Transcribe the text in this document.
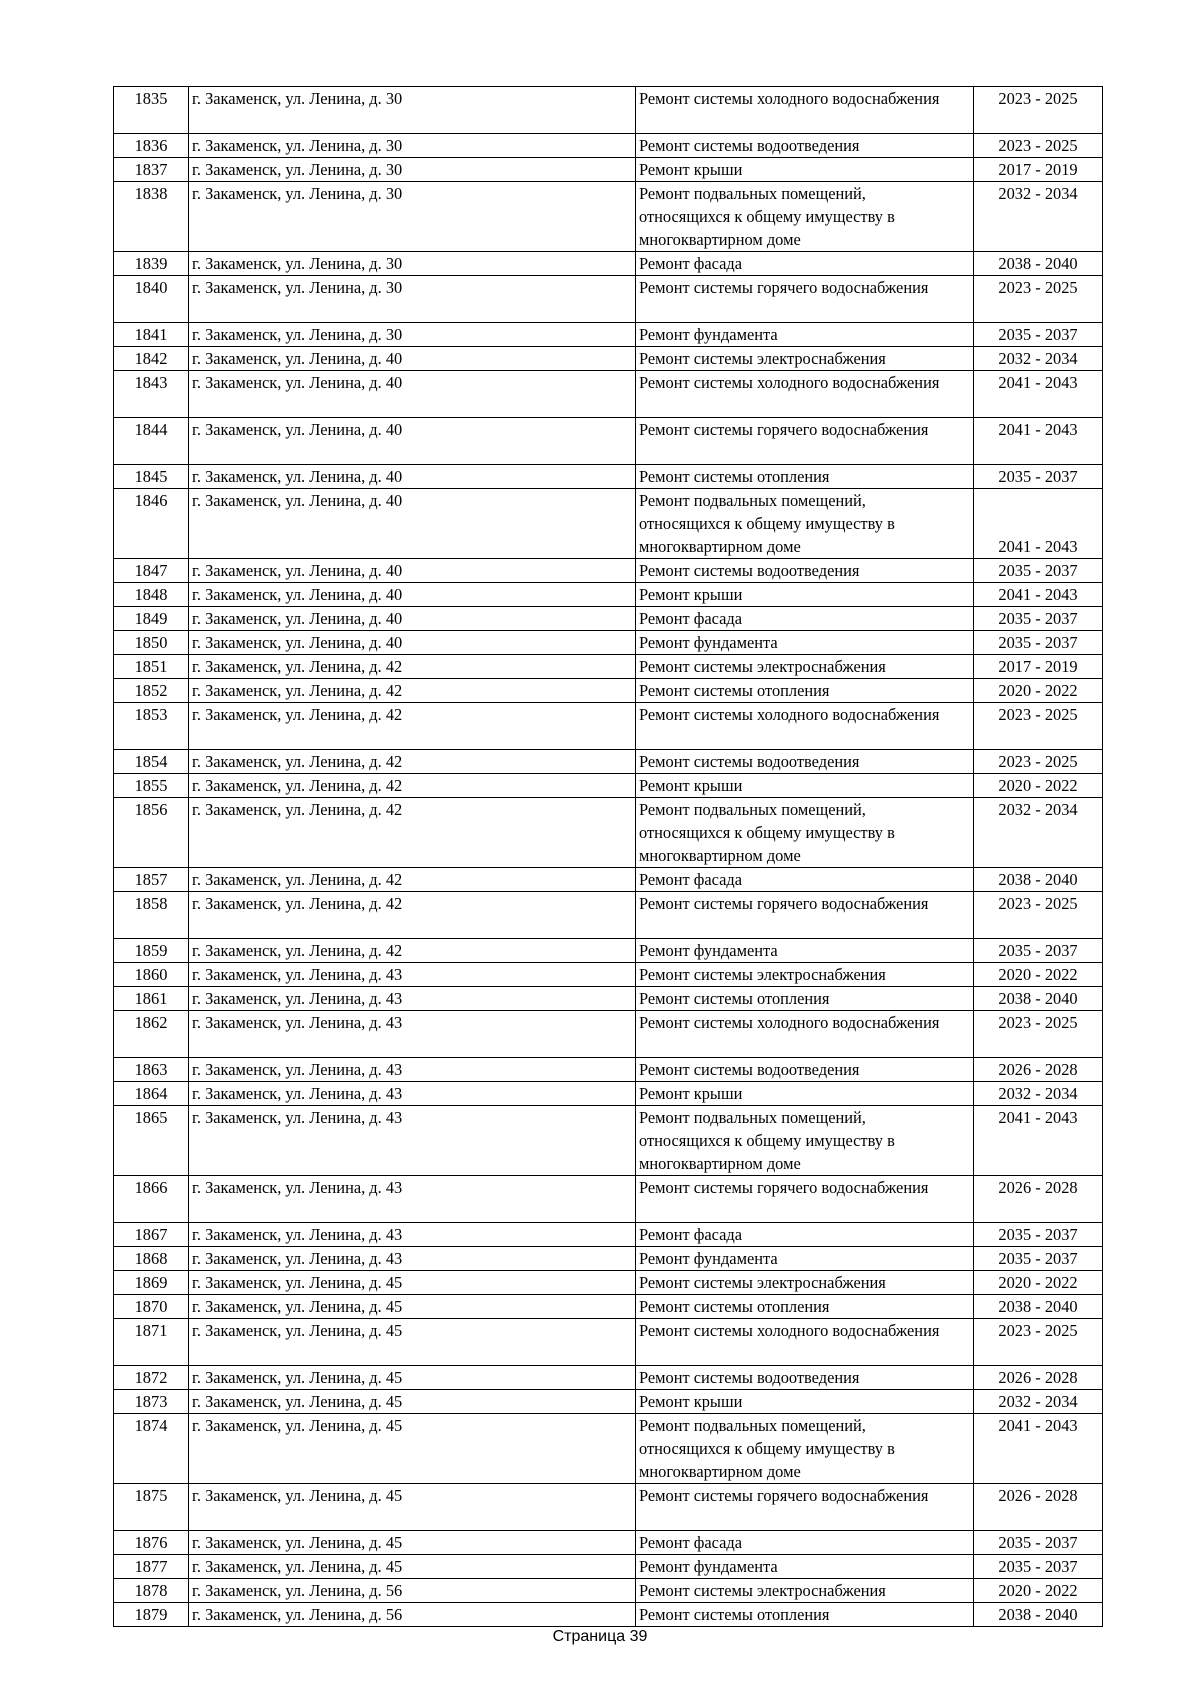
1835	г. Закаменск, ул. Ленина, д. 30	Ремонт системы холодного водоснабжения	2023 - 2025
1836	г. Закаменск, ул. Ленина, д. 30	Ремонт системы водоотведения	2023 - 2025
1837	г. Закаменск, ул. Ленина, д. 30	Ремонт крыши	2017 - 2019
1838	г. Закаменск, ул. Ленина, д. 30	Ремонт подвальных помещений,
относящихся к общему имуществу в
многоквартирном доме	2032 - 2034
1839	г. Закаменск, ул. Ленина, д. 30	Ремонт фасада	2038 - 2040
1840	г. Закаменск, ул. Ленина, д. 30	Ремонт системы горячего водоснабжения	2023 - 2025
1841	г. Закаменск, ул. Ленина, д. 30	Ремонт фундамента	2035 - 2037
1842	г. Закаменск, ул. Ленина, д. 40	Ремонт системы электроснабжения	2032 - 2034
1843	г. Закаменск, ул. Ленина, д. 40	Ремонт системы холодного водоснабжения	2041 - 2043
1844	г. Закаменск, ул. Ленина, д. 40	Ремонт системы горячего водоснабжения	2041 - 2043
1845	г. Закаменск, ул. Ленина, д. 40	Ремонт системы отопления	2035 - 2037
1846	г. Закаменск, ул. Ленина, д. 40	Ремонт подвальных помещений,
относящихся к общему имуществу в
многоквартирном доме	2041 - 2043
1847	г. Закаменск, ул. Ленина, д. 40	Ремонт системы водоотведения	2035 - 2037
1848	г. Закаменск, ул. Ленина, д. 40	Ремонт крыши	2041 - 2043
1849	г. Закаменск, ул. Ленина, д. 40	Ремонт фасада	2035 - 2037
1850	г. Закаменск, ул. Ленина, д. 40	Ремонт фундамента	2035 - 2037
1851	г. Закаменск, ул. Ленина, д. 42	Ремонт системы электроснабжения	2017 - 2019
1852	г. Закаменск, ул. Ленина, д. 42	Ремонт системы отопления	2020 - 2022
1853	г. Закаменск, ул. Ленина, д. 42	Ремонт системы холодного водоснабжения	2023 - 2025
1854	г. Закаменск, ул. Ленина, д. 42	Ремонт системы водоотведения	2023 - 2025
1855	г. Закаменск, ул. Ленина, д. 42	Ремонт крыши	2020 - 2022
1856	г. Закаменск, ул. Ленина, д. 42	Ремонт подвальных помещений,
относящихся к общему имуществу в
многоквартирном доме	2032 - 2034
1857	г. Закаменск, ул. Ленина, д. 42	Ремонт фасада	2038 - 2040
1858	г. Закаменск, ул. Ленина, д. 42	Ремонт системы горячего водоснабжения	2023 - 2025
1859	г. Закаменск, ул. Ленина, д. 42	Ремонт фундамента	2035 - 2037
1860	г. Закаменск, ул. Ленина, д. 43	Ремонт системы электроснабжения	2020 - 2022
1861	г. Закаменск, ул. Ленина, д. 43	Ремонт системы отопления	2038 - 2040
1862	г. Закаменск, ул. Ленина, д. 43	Ремонт системы холодного водоснабжения	2023 - 2025
1863	г. Закаменск, ул. Ленина, д. 43	Ремонт системы водоотведения	2026 - 2028
1864	г. Закаменск, ул. Ленина, д. 43	Ремонт крыши	2032 - 2034
1865	г. Закаменск, ул. Ленина, д. 43	Ремонт подвальных помещений,
относящихся к общему имуществу в
многоквартирном доме	2041 - 2043
1866	г. Закаменск, ул. Ленина, д. 43	Ремонт системы горячего водоснабжения	2026 - 2028
1867	г. Закаменск, ул. Ленина, д. 43	Ремонт фасада	2035 - 2037
1868	г. Закаменск, ул. Ленина, д. 43	Ремонт фундамента	2035 - 2037
1869	г. Закаменск, ул. Ленина, д. 45	Ремонт системы электроснабжения	2020 - 2022
1870	г. Закаменск, ул. Ленина, д. 45	Ремонт системы отопления	2038 - 2040
1871	г. Закаменск, ул. Ленина, д. 45	Ремонт системы холодного водоснабжения	2023 - 2025
1872	г. Закаменск, ул. Ленина, д. 45	Ремонт системы водоотведения	2026 - 2028
1873	г. Закаменск, ул. Ленина, д. 45	Ремонт крыши	2032 - 2034
1874	г. Закаменск, ул. Ленина, д. 45	Ремонт подвальных помещений,
относящихся к общему имуществу в
многоквартирном доме	2041 - 2043
1875	г. Закаменск, ул. Ленина, д. 45	Ремонт системы горячего водоснабжения	2026 - 2028
1876	г. Закаменск, ул. Ленина, д. 45	Ремонт фасада	2035 - 2037
1877	г. Закаменск, ул. Ленина, д. 45	Ремонт фундамента	2035 - 2037
1878	г. Закаменск, ул. Ленина, д. 56	Ремонт системы электроснабжения	2020 - 2022
1879	г. Закаменск, ул. Ленина, д. 56	Ремонт системы отопления	2038 - 2040
Страница 39
